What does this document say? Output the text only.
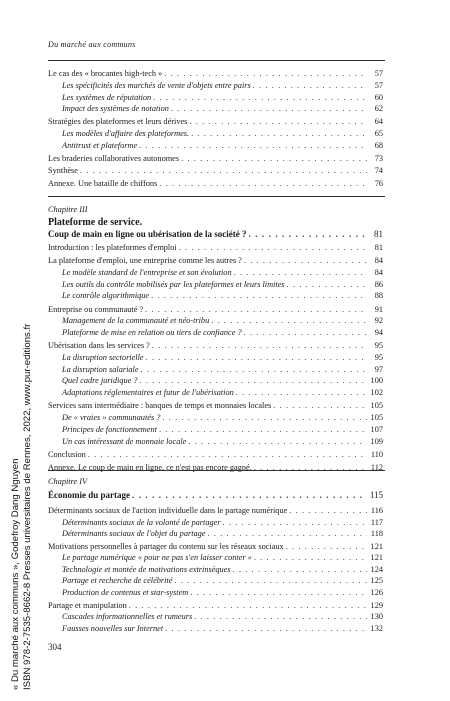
Du marché aux communs
Le cas des « brocantes high-tech » . . .	57
Les spécificités des marchés de vente d'objets entre pairs . . .	57
Les systèmes de réputation . . .	60
Impact des systèmes de notation . . .	62
Stratégies des plateformes et leurs dérives . . .	64
Les modèles d'affaire des plateformes. . . .	65
Antitrust et plateforme . . .	68
Les braderies collaboratives autonomes . . .	73
Synthèse . . .	74
Annexe. Une bataille de chiffons . . .	76
Chapitre III
Plateforme de service.
Coup de main en ligne ou ubérisation de la société ? . . .	81
Introduction : les plateformes d'emploi . . .	81
La plateforme d'emploi, une entreprise comme les autres ? . . .	84
Le modèle standard de l'entreprise et son évolution . . .	84
Les outils du contrôle mobilisés par les plateformes et leurs limites . . .	86
Le contrôle algorithmique . . .	88
Entreprise ou communauté ? . . .	91
Management de la communauté et néo-tribu . . .	92
Plateforme de mise en relation ou tiers de confiance ? . . .	94
Ubérisation dans les services ? . . .	95
La disruption sectorielle . . .	95
La disruption salariale . . .	97
Quel cadre juridique ? . . .	100
Adaptations réglementaires et futur de l'ubérisation . . .	102
Services sans intermédiaire : banques de temps et monnaies locales . . .	105
De « vraies » communautés ? . . .	105
Principes de fonctionnement . . .	107
Un cas intéressant de monnaie locale . . .	109
Conclusion . . .	110
Annexe. Le coup de main en ligne, ce n'est pas encore gagné. . . .	112
Chapitre IV
Économie du partage . . .	115
Déterminants sociaux de l'action individuelle dans le partage numérique . . .	116
Déterminants sociaux de la volonté de partager . . .	117
Déterminants sociaux de l'objet du partage . . .	118
Motivations personnelles à partager du contenu sur les réseaux sociaux . . .	121
Le partage numérique « pour ne pas s'en laisser conter » . . .	121
Technologie et montée de motivations extrinsèques . . .	124
Partage et recherche de célébrité . . .	125
Production de contenus et star-system . . .	126
Partage et manipulation . . .	129
Cascades informationnelles et rumeurs . . .	130
Fausses nouvelles sur Internet . . .	132
304
« Du marché aux communs », Godefroy Dang Nguyen ISBN 978-2-7535-8662-8 Presses universitaires de Rennes, 2022, www.pur-editions.fr
